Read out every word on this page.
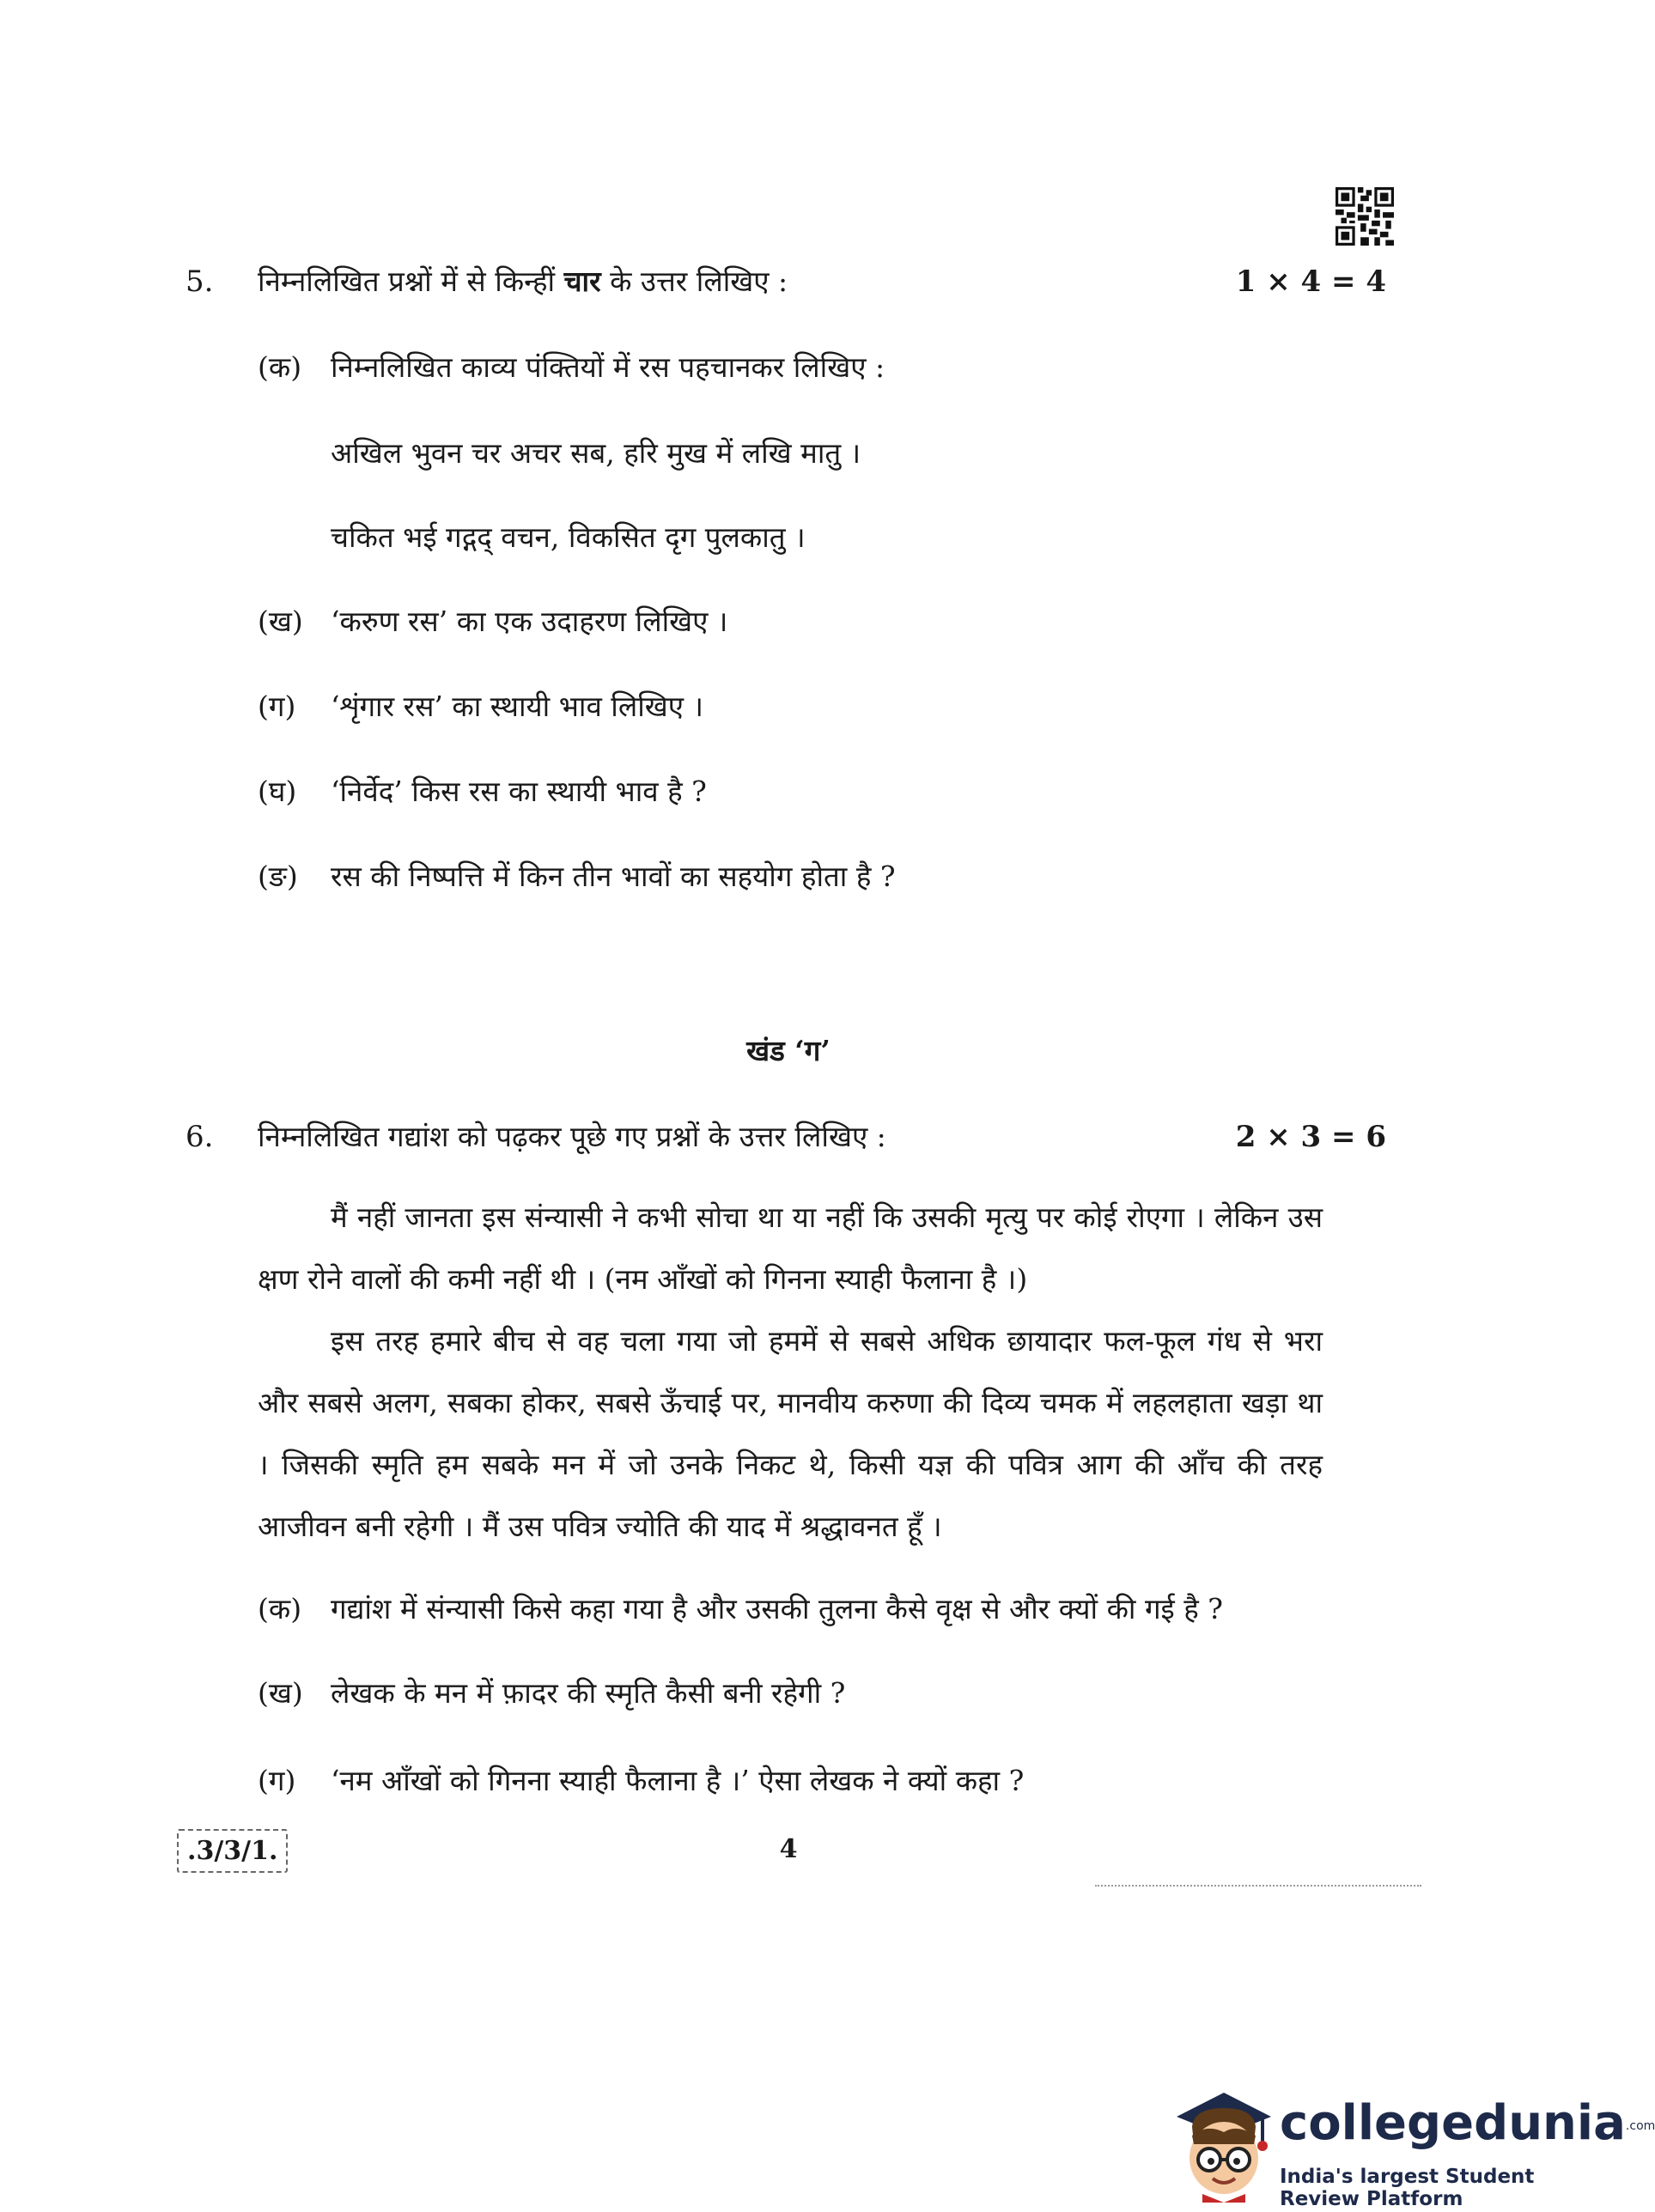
5. निम्नलिखित प्रश्नों में से किन्हीं चार के उत्तर लिखिए :	1 × 4 = 4
(क) निम्नलिखित काव्य पंक्तियों में रस पहचानकर लिखिए :
अखिल भुवन चर अचर सब, हरि मुख में लखि मातु ।
चकित भई गद्गद् वचन, विकसित दृग पुलकातु ।
(ख) ‘करुण रस’ का एक उदाहरण लिखिए ।
(ग) ‘शृंगार रस’ का स्थायी भाव लिखिए ।
(घ) ‘निर्वेद’ किस रस का स्थायी भाव है ?
(ङ) रस की निष्पत्ति में किन तीन भावों का सहयोग होता है ?
खंड ‘ग’
6. निम्नलिखित गद्यांश को पढ़कर पूछे गए प्रश्नों के उत्तर लिखिए :	2 × 3 = 6
मैं नहीं जानता इस संन्यासी ने कभी सोचा था या नहीं कि उसकी मृत्यु पर कोई रोएगा । लेकिन उस क्षण रोने वालों की कमी नहीं थी । (नम आँखों को गिनना स्याही फैलाना है ।)
इस तरह हमारे बीच से वह चला गया जो हममें से सबसे अधिक छायादार फल-फूल गंध से भरा और सबसे अलग, सबका होकर, सबसे ऊँचाई पर, मानवीय करुणा की दिव्य चमक में लहलहाता खड़ा था । जिसकी स्मृति हम सबके मन में जो उनके निकट थे, किसी यज्ञ की पवित्र आग की आँच की तरह आजीवन बनी रहेगी । मैं उस पवित्र ज्योति की याद में श्रद्धावनत हूँ ।
(क) गद्यांश में संन्यासी किसे कहा गया है और उसकी तुलना कैसे वृक्ष से और क्यों की गई है ?
(ख) लेखक के मन में फ़ादर की स्मृति कैसी बनी रहेगी ?
(ग) ‘नम आँखों को गिनना स्याही फैलाना है ।’ ऐसा लेखक ने क्यों कहा ?
.3/3/1.	4
collegedunia.com
India's largest Student Review Platform
